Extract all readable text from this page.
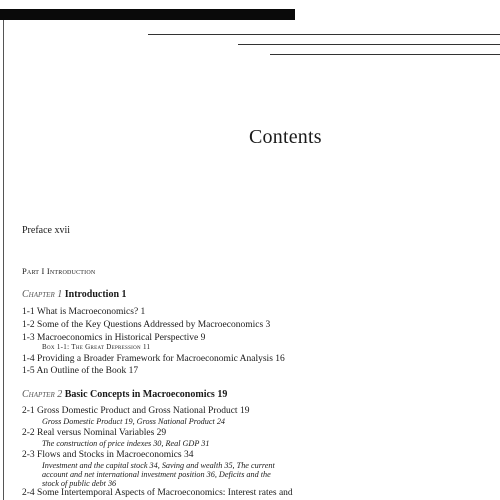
Contents
Preface xvii
Part I Introduction
Chapter 1 Introduction 1
1-1 What is Macroeconomics? 1
1-2 Some of the Key Questions Addressed by Macroeconomics 3
1-3 Macroeconomics in Historical Perspective 9
Box 1-1: The Great Depression 11
1-4 Providing a Broader Framework for Macroeconomic Analysis 16
1-5 An Outline of the Book 17
Chapter 2 Basic Concepts in Macroeconomics 19
2-1 Gross Domestic Product and Gross National Product 19
Gross Domestic Product 19, Gross National Product 24
2-2 Real versus Nominal Variables 29
The construction of price indexes 30, Real GDP 31
2-3 Flows and Stocks in Macroeconomics 34
Investment and the capital stock 34, Saving and wealth 35, The current
account and net international investment position 36, Deficits and the
stock of public debt 36
2-4 Some Intertemporal Aspects of Macroeconomics: Interest rates and
